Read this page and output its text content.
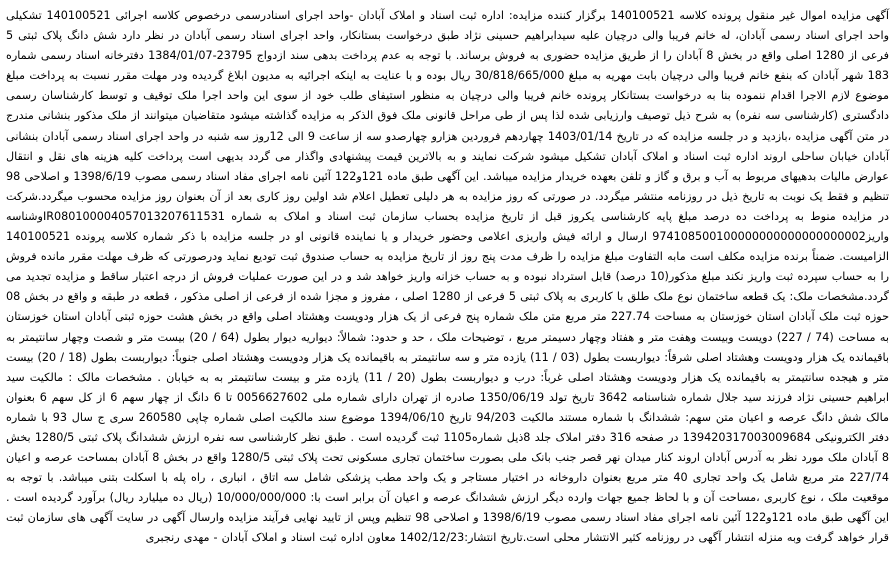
آگهی مزایده اموال غیر منقول پرونده کلاسه 140100521 برگزار کننده مزایده: اداره ثبت اسناد و املاک آبادان -واحد اجرای اسنادرسمی درخصوص کلاسه اجرائی 140100521 تشکیلی واحد اجرای اسناد رسمی آبادان، له خانم فریبا والی درچیان علیه سیدابراهیم حسینی نژاد طبق درخواست بستانکار، واحد اجرای اسناد رسمی آبادان در نظر دارد شش دانگ پلاک ثبتی 5 فرعی از 1280 اصلی واقع در بخش 8 آبادان را از طریق مزایده حضوری به فروش برساند. با توجه به عدم پرداخت بدهی سند ازدواج 23795-1384/01/07 دفترخانه اسناد رسمی شماره 183 شهر آبادان که بنفع خانم فریبا والی درچیان بابت مهریه به مبلغ 30/818/665/000 ریال بوده و با عنایت به اینکه اجرائیه به مدیون ابلاغ گردیده ودر مهلت مقرر نسبت به پرداخت مبلغ موضوع لازم الاجرا اقدام ننموده بنا به درخواست بستانکار پرونده خانم فریبا والی درچیان به منظور استیفای طلب خود از سوی این واحد اجرا ملک توقیف و توسط کارشناسان رسمی دادگستری (کارشناسی سه نفره) به شرح ذیل توصیف وارزیابی شده لذا پس از طی مراحل قانونی ملک فوق الذکر به مزایده گذاشته میشود متقاضیان میتوانند از ملک مذکور بنشانی مندرج در متن آگهی مزایده ،بازدید و در جلسه مزایده که در تاریخ 1403/01/14 چهاردهم فروردین هزارو چهارصدو سه از ساعت 9 الی 12روز سه شنبه در واحد اجرای اسناد رسمی آبادان بنشانی آبادان خیابان ساحلی اروند اداره ثبت اسناد و املاک آبادان تشکیل میشود شرکت نمایند و به بالاترین قیمت پیشنهادی واگذار می گردد بدیهی است پرداخت کلیه هزینه های نقل و انتقال عوارض مالیات بدهیهای مربوط به آب و برق و گاز و تلفن بعهده خریدار مزایده میباشد. این آگهی طبق ماده 121و122 آئین نامه اجرای مفاد اسناد رسمی مصوب 1398/6/19 و اصلاحی 98 تنظیم و فقط یک نوبت به تاریخ ذیل در روزنامه منتشر میگردد. در صورتی که روز مزایده به هر دلیلی تعطیل اعلام شد اولین روز کاری بعد از آن بعنوان روز مزایده محسوب میگردد.شرکت در مزایده منوط به پرداخت ده درصد مبلغ پایه کارشناسی یکروز قبل از تاریخ مزایده بحساب سازمان ثبت اسناد و املاک به شماره IR080100004057013207611531وشناسه واریز974108500100000000000000000002 ارسال و ارائه فیش واریزی اعلامی وحضور خریدار و یا نماینده قانونی او در جلسه مزایده با ذکر شماره کلاسه پرونده 140100521 الزامیست. ضمناً برنده مزایده مکلف است مابه التفاوت مبلغ مزایده را ظرف مدت پنج روز از تاریخ مزایده به حساب صندوق ثبت تودیع نماید ودرصورتی که ظرف مهلت مقرر مانده فروش را به حساب سپرده ثبت واریز نکند مبلغ مذکور(10 درصد) قابل استرداد نبوده و به حساب خزانه واریز خواهد شد و در این صورت عملیات فروش از درجه اعتبار ساقط و مزایده تجدید می گردد.مشخصات ملک: یک قطعه ساختمان نوع ملک طلق با کاربری به پلاک ثبتی 5 فرعی از 1280 اصلی ، مفروز و مجزا شده از فرعی از اصلی مذکور ، قطعه در طبقه و واقع در بخش 08 حوزه ثبت ملک آبادان استان خوزستان به مساحت 227.74 متر مربع متن ملک شماره پنج فرعی از یک هزار ودویست وهشتاد اصلی واقع در بخش هشت حوزه ثبتی آبادان استان خوزستان به مساحت (74 / 227) دویست وبیست وهفت متر و هفتاد وچهار دسیمتر مربع ، توضیحات ملک ، حد و حدود: شمالاً: دیواریه دیوار بطول (64 / 20) بیست متر و شصت وچهار سانتیمتر به باقیمانده یک هزار ودویست وهشتاد اصلی شرقاً: دیواربست بطول (03 / 11) یازده متر و سه سانتیمتر به باقیمانده یک هزار ودویست وهشتاد اصلی جنوباً: دیواربست بطول (18 / 20) بیست متر و هیجده سانتیمتر به باقیمانده یک هزار ودویست وهشتاد اصلی غرباً: درب و دیواربست بطول (20 / 11) یازده متر و بیست سانتیمتر به به خیابان . مشخصات مالک : مالکیت سید ابراهیم حسینی نژاد فرزند سید جلال شماره شناسنامه 3642 تاریخ تولد 1350/06/19 صادره از تهران دارای شماره ملی 0056627602 تا 6 دانگ از چهار سهم 6 از کل سهم 6 بعنوان مالک شش دانگ عرصه و اعیان متن سهم: ششدانگ با شماره مستند مالکیت 94/203 تاریخ 1394/06/10 موضوع سند مالکیت اصلی شماره چاپی 260580 سری ج سال 93 با شماره دفتر الکترونیکی 139420317003009684 در صفحه 316 دفتر املاک جلد 8ذیل شماره1105 ثبت گردیده است . طبق نظر کارشناسی سه نفره ارزش ششدانگ پلاک ثبتی 1280/5 بخش 8 آبادان ملک مورد نظر به آدرس آبادان اروند کنار میدان نهر قصر جنب بانک ملی بصورت ساختمان تجاری مسکونی تحت پلاک ثبتی 1280/5 واقع در بخش 8 آبادان بمساحت عرصه و اعیان 227/74 متر مربع شامل یک واحد تجاری 40 متر مربع بعنوان داروخانه در اختیار مستاجر و یک واحد مطب پزشکی شامل سه اتاق ، انباری ، راه پله با اسکلت بتنی میباشد. با توجه به موقعیت ملک ، نوع کاربری ،مساحت آن و با لحاظ جمیع جهات وارده دیگر ارزش ششدانگ عرصه و اعیان آن برابر است با: 10/000/000/000 (ریال ده میلیارد ریال) برآورد گردیده است . این آگهی طبق ماده 121و122 آئین نامه اجرای مفاد اسناد رسمی مصوب 1398/6/19 و اصلاحی 98 تنظیم وپس از تایید نهایی فرآیند مزایده وارسال آگهی در سایت آگهی های سازمان ثبت قرار خواهد گرفت وبه منزله انتشار آگهی در روزنامه کثیر الانتشار محلی است.تاریخ انتشار:1402/12/23 معاون اداره ثبت اسناد و املاک آبادان - مهدی رنجبری
